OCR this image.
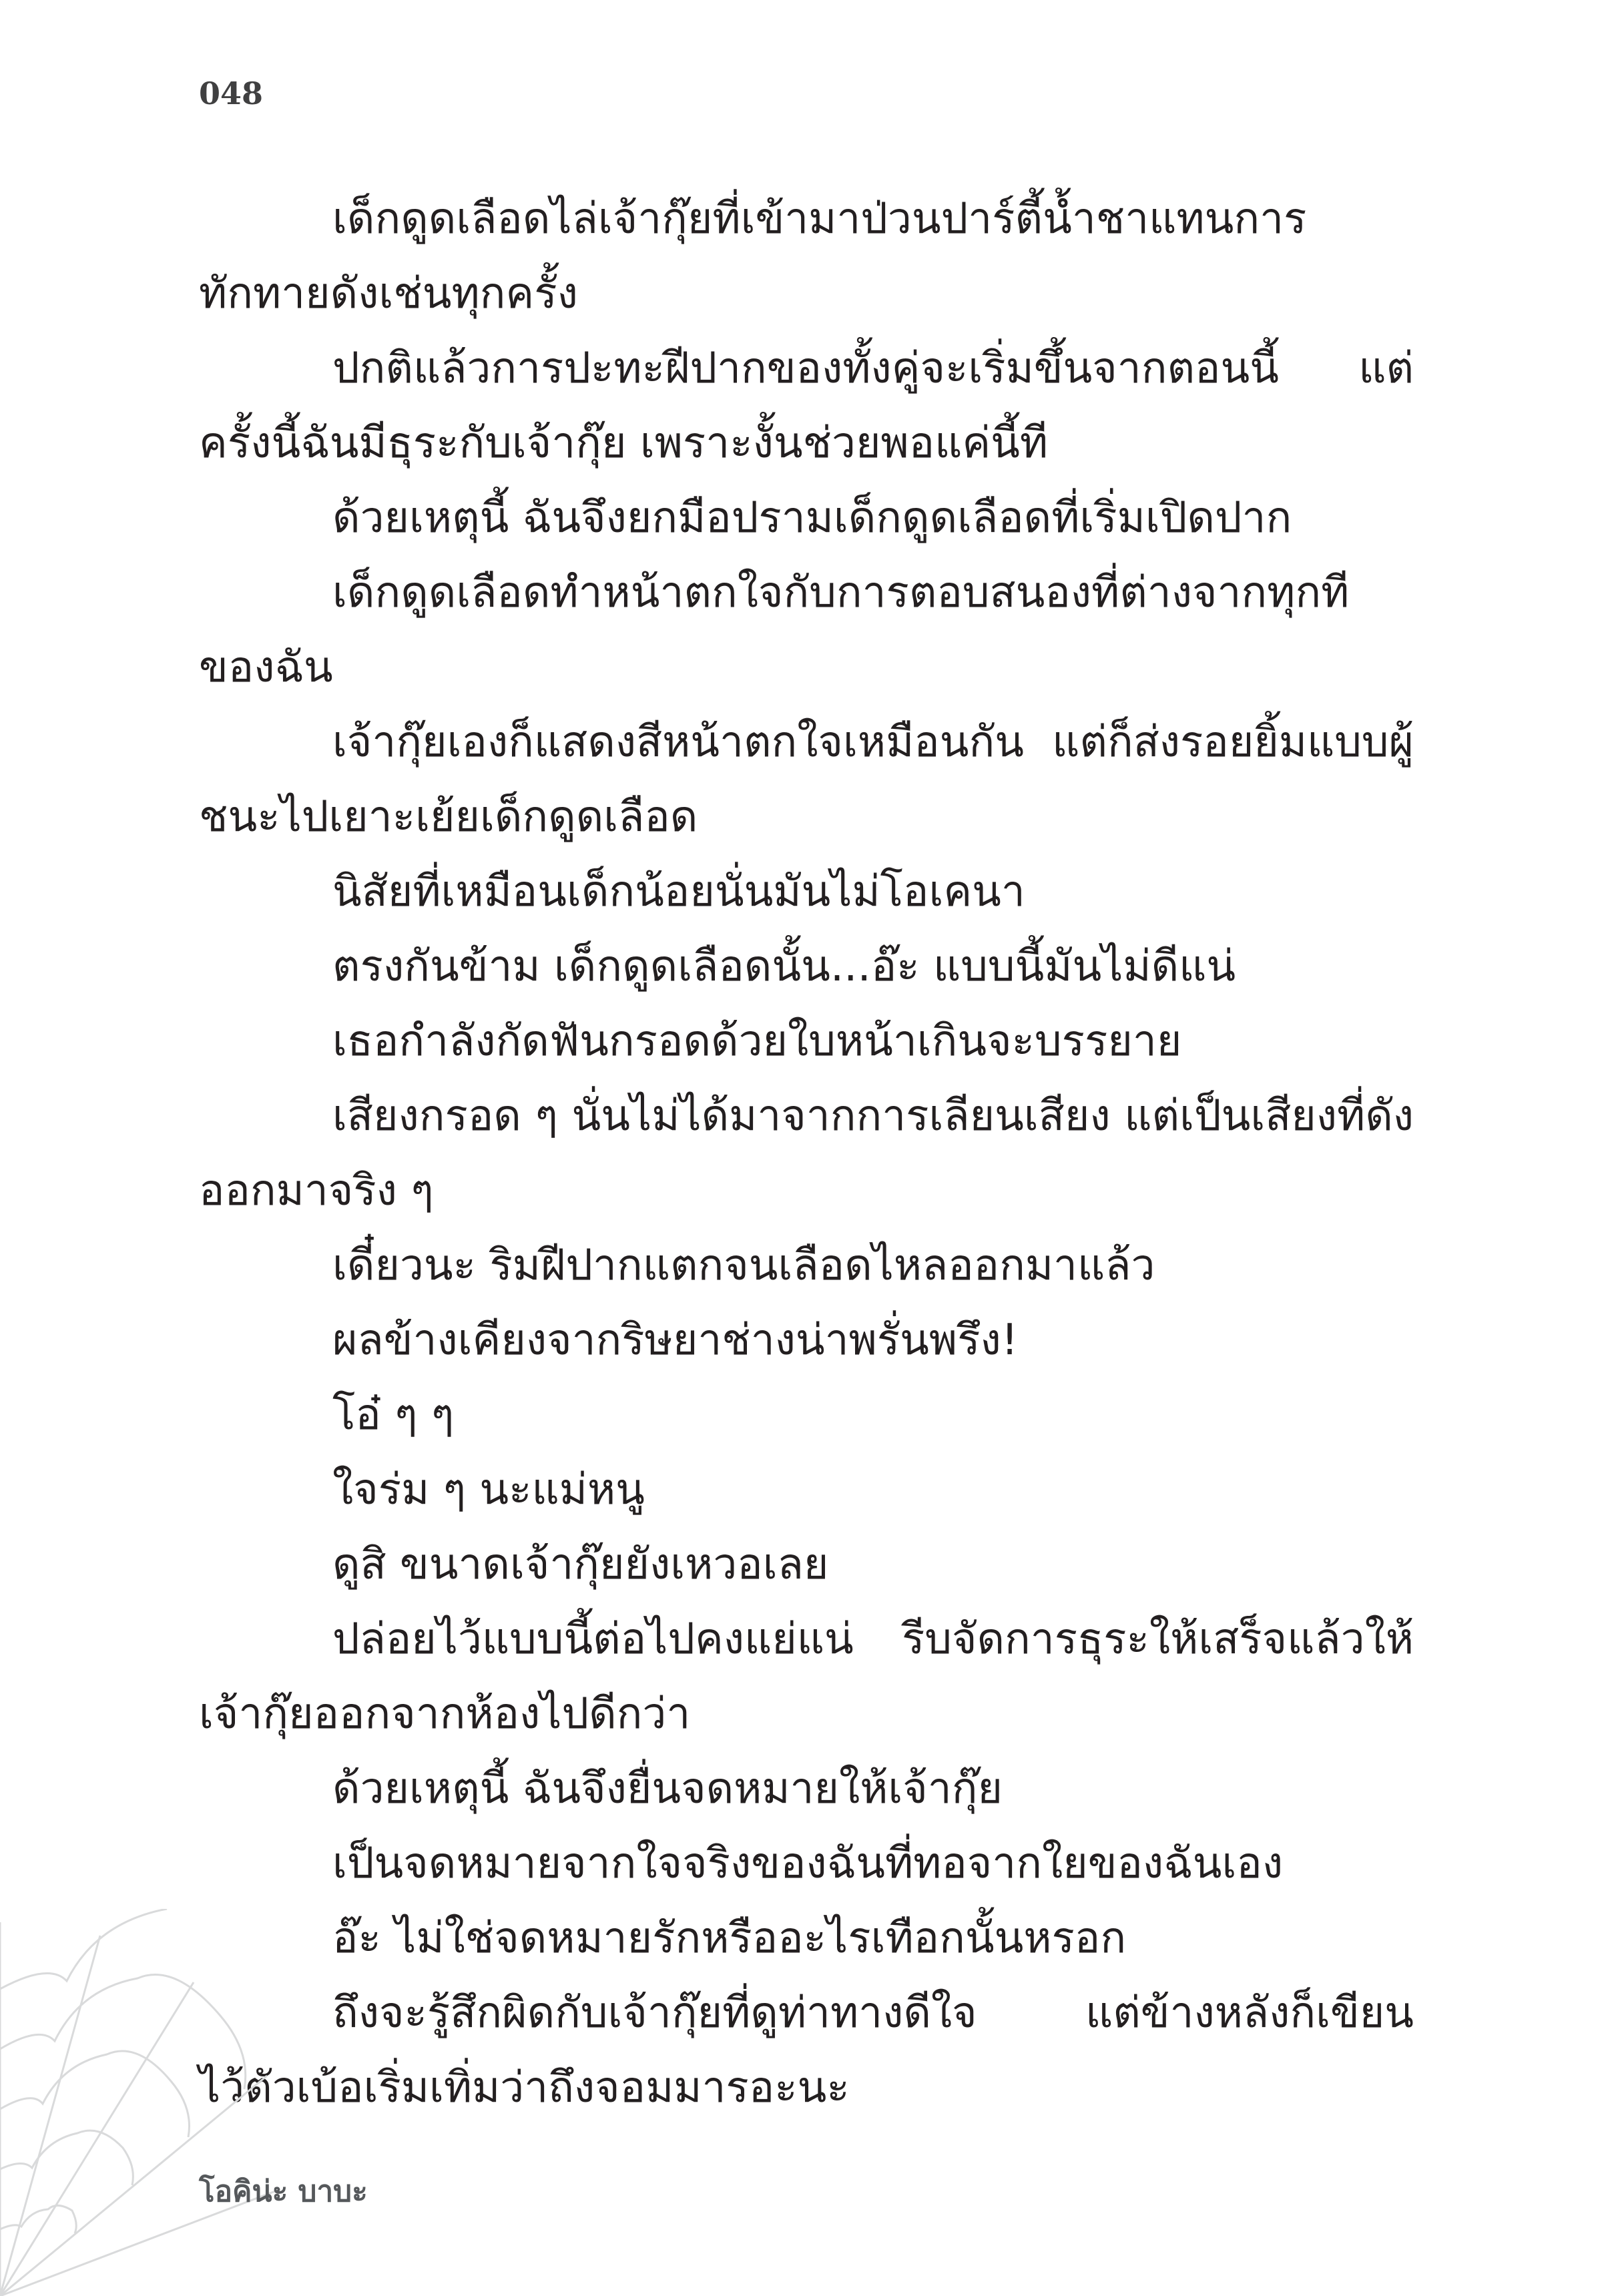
048

เด็กดูดเลือดไล่เจ้ากุ๊ยที่เข้ามาป่วนปาร์ตี้น้ำชาแทนการทักทายดังเช่นทุกครั้ง

ปกติแล้วการปะทะฝีปากของทั้งคู่จะเริ่มขึ้นจากตอนนี้ แต่ครั้งนี้ฉันมีธุระกับเจ้ากุ๊ย เพราะงั้นช่วยพอแค่นี้ที

ด้วยเหตุนี้ ฉันจึงยกมือปรามเด็กดูดเลือดที่เริ่มเปิดปาก

เด็กดูดเลือดทำหน้าตกใจกับการตอบสนองที่ต่างจากทุกทีของฉัน

เจ้ากุ๊ยเองก็แสดงสีหน้าตกใจเหมือนกัน แต่ก็ส่งรอยยิ้มแบบผู้ชนะไปเยาะเย้ยเด็กดูดเลือด

นิสัยที่เหมือนเด็กน้อยนั่นมันไม่โอเคนา

ตรงกันข้าม เด็กดูดเลือดนั้น...อ๊ะ แบบนี้มันไม่ดีแน่

เธอกำลังกัดฟันกรอดด้วยใบหน้าเกินจะบรรยาย

เสียงกรอด ๆ นั่นไม่ได้มาจากการเลียนเสียง แต่เป็นเสียงที่ดังออกมาจริง ๆ

เดี๋ยวนะ ริมฝีปากแตกจนเลือดไหลออกมาแล้ว

ผลข้างเคียงจากริษยาช่างน่าพรั่นพรึง!

โอ๋ ๆ ๆ

ใจร่ม ๆ นะแม่หนู

ดูสิ ขนาดเจ้ากุ๊ยยังเหวอเลย

ปล่อยไว้แบบนี้ต่อไปคงแย่แน่ รีบจัดการธุระให้เสร็จแล้วให้เจ้ากุ๊ยออกจากห้องไปดีกว่า

ด้วยเหตุนี้ ฉันจึงยื่นจดหมายให้เจ้ากุ๊ย

เป็นจดหมายจากใจจริงของฉันที่ทอจากใยของฉันเอง

อ๊ะ ไม่ใช่จดหมายรักหรืออะไรเทือกนั้นหรอก

ถึงจะรู้สึกผิดกับเจ้ากุ๊ยที่ดูท่าทางดีใจ แต่ข้างหลังก็เขียนไว้ตัวเบ้อเริ่มเทิ่มว่าถึงจอมมารอะนะ

โอคิน่ะ บาบะ
